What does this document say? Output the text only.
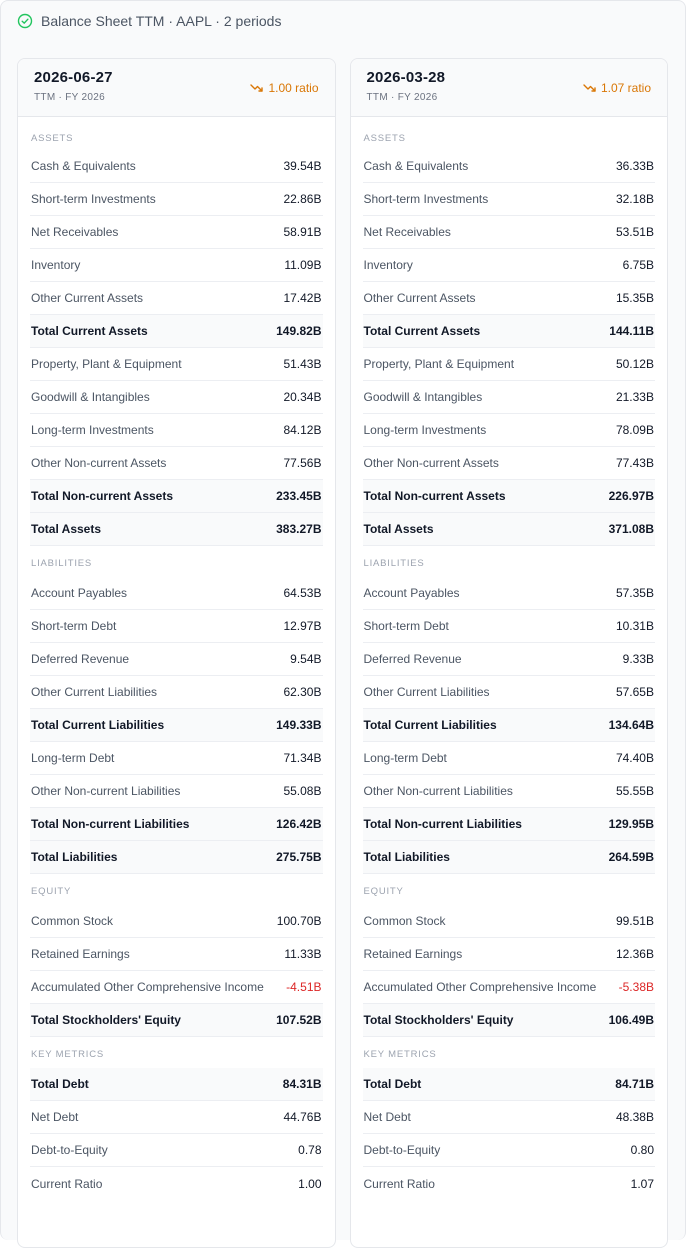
Balance Sheet TTM · AAPL · 2 periods
2026-06-27
TTM · FY 2026
1.00 ratio
ASSETS
Cash & Equivalents	39.54B
Short-term Investments	22.86B
Net Receivables	58.91B
Inventory	11.09B
Other Current Assets	17.42B
Total Current Assets	149.82B
Property, Plant & Equipment	51.43B
Goodwill & Intangibles	20.34B
Long-term Investments	84.12B
Other Non-current Assets	77.56B
Total Non-current Assets	233.45B
Total Assets	383.27B
LIABILITIES
Account Payables	64.53B
Short-term Debt	12.97B
Deferred Revenue	9.54B
Other Current Liabilities	62.30B
Total Current Liabilities	149.33B
Long-term Debt	71.34B
Other Non-current Liabilities	55.08B
Total Non-current Liabilities	126.42B
Total Liabilities	275.75B
EQUITY
Common Stock	100.70B
Retained Earnings	11.33B
Accumulated Other Comprehensive Income -4.51B
Total Stockholders' Equity	107.52B
KEY METRICS
Total Debt	84.31B
Net Debt	44.76B
Debt-to-Equity	0.78
Current Ratio	1.00
2026-03-28
TTM · FY 2026
1.07 ratio
ASSETS
Cash & Equivalents	36.33B
Short-term Investments	32.18B
Net Receivables	53.51B
Inventory	6.75B
Other Current Assets	15.35B
Total Current Assets	144.11B
Property, Plant & Equipment	50.12B
Goodwill & Intangibles	21.33B
Long-term Investments	78.09B
Other Non-current Assets	77.43B
Total Non-current Assets	226.97B
Total Assets	371.08B
LIABILITIES
Account Payables	57.35B
Short-term Debt	10.31B
Deferred Revenue	9.33B
Other Current Liabilities	57.65B
Total Current Liabilities	134.64B
Long-term Debt	74.40B
Other Non-current Liabilities	55.55B
Total Non-current Liabilities	129.95B
Total Liabilities	264.59B
EQUITY
Common Stock	99.51B
Retained Earnings	12.36B
Accumulated Other Comprehensive Income -5.38B
Total Stockholders' Equity	106.49B
KEY METRICS
Total Debt	84.71B
Net Debt	48.38B
Debt-to-Equity	0.80
Current Ratio	1.07
